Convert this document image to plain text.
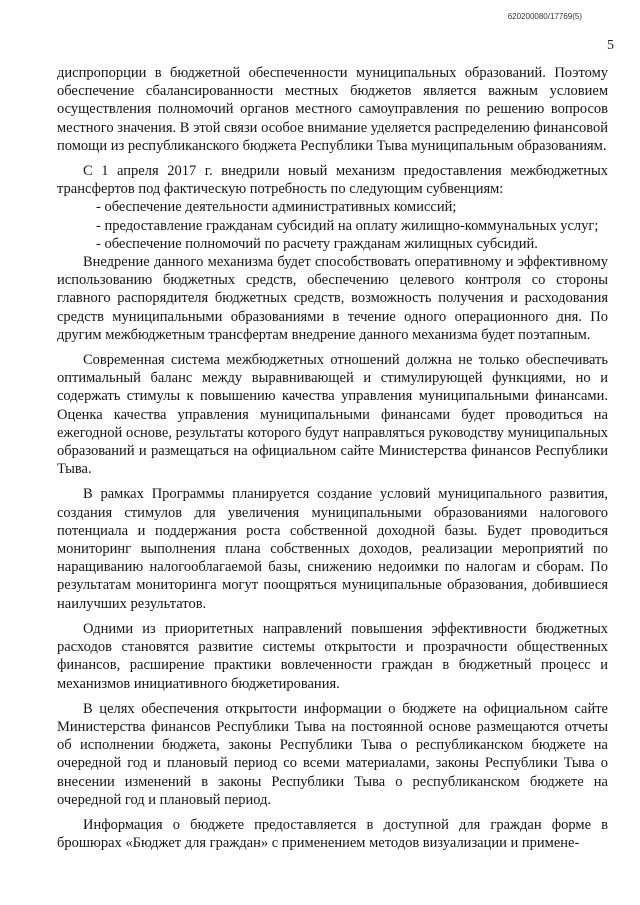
620200080/17769(5)
5

диспропорции в бюджетной обеспеченности муниципальных образований. Поэтому обеспечение сбалансированности местных бюджетов является важным условием осуществления полномочий органов местного самоуправления по решению вопросов местного значения. В этой связи особое внимание уделяется распределению финансовой помощи из республиканского бюджета Республики Тыва муниципальным образованиям.

С 1 апреля 2017 г. внедрили новый механизм предоставления межбюджетных трансфертов под фактическую потребность по следующим субвенциям:

- обеспечение деятельности административных комиссий;

- предоставление гражданам субсидий на оплату жилищно-коммунальных услуг;

- обеспечение полномочий по расчету гражданам жилищных субсидий.

Внедрение данного механизма будет способствовать оперативному и эффективному использованию бюджетных средств, обеспечению целевого контроля со стороны главного распорядителя бюджетных средств, возможность получения и расходования средств муниципальными образованиями в течение одного операционного дня. По другим межбюджетным трансфертам внедрение данного механизма будет поэтапным.

Современная система межбюджетных отношений должна не только обеспечивать оптимальный баланс между выравнивающей и стимулирующей функциями, но и содержать стимулы к повышению качества управления муниципальными финансами. Оценка качества управления муниципальными финансами будет проводиться на ежегодной основе, результаты которого будут направляться руководству муниципальных образований и размещаться на официальном сайте Министерства финансов Республики Тыва.

В рамках Программы планируется создание условий муниципального развития, создания стимулов для увеличения муниципальными образованиями налогового потенциала и поддержания роста собственной доходной базы. Будет проводиться мониторинг выполнения плана собственных доходов, реализации мероприятий по наращиванию налогооблагаемой базы, снижению недоимки по налогам и сборам. По результатам мониторинга могут поощряться муниципальные образования, добившиеся наилучших результатов.

Одними из приоритетных направлений повышения эффективности бюджетных расходов становятся развитие системы открытости и прозрачности общественных финансов, расширение практики вовлеченности граждан в бюджетный процесс и механизмов инициативного бюджетирования.

В целях обеспечения открытости информации о бюджете на официальном сайте Министерства финансов Республики Тыва на постоянной основе размещаются отчеты об исполнении бюджета, законы Республики Тыва о республиканском бюджете на очередной год и плановый период со всеми материалами, законы Республики Тыва о внесении изменений в законы Республики Тыва о республиканском бюджете на очередной год и плановый период.

Информация о бюджете предоставляется в доступной для граждан форме в брошюрах «Бюджет для граждан» с применением методов визуализации и примене-
